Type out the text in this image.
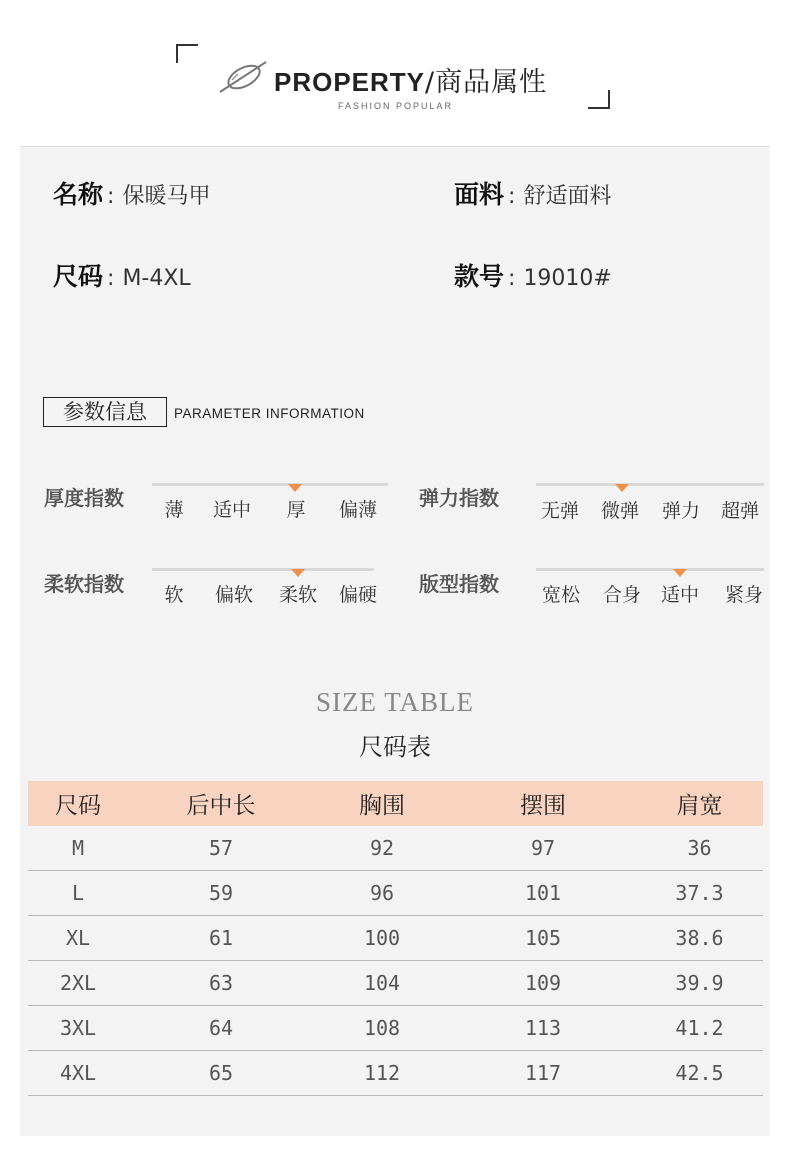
PROPERTY/商品属性
FASHION POPULAR
名称 : 保暖马甲	面料 : 舒适面料
尺码 : M-4XL	款号 : 19010#
参数信息	PARAMETER INFORMATION
厚度指数	薄	适中	厚	偏薄	弹力指数
无弹	微弹	弹力	超弹
柔软指数	软	偏软	柔软	偏硬	版型指数	宽松	合身	适中	紧身
SIZE TABLE
尺码表
尺码	后中长	胸围	摆围	肩宽
M	57	92	97	36
L	59	96	101	37.3
XL	61	100	105	38.6
2XL	63	104	109	39.9
3XL	64	108	113	41.2
4XL	65	112	117	42.5
